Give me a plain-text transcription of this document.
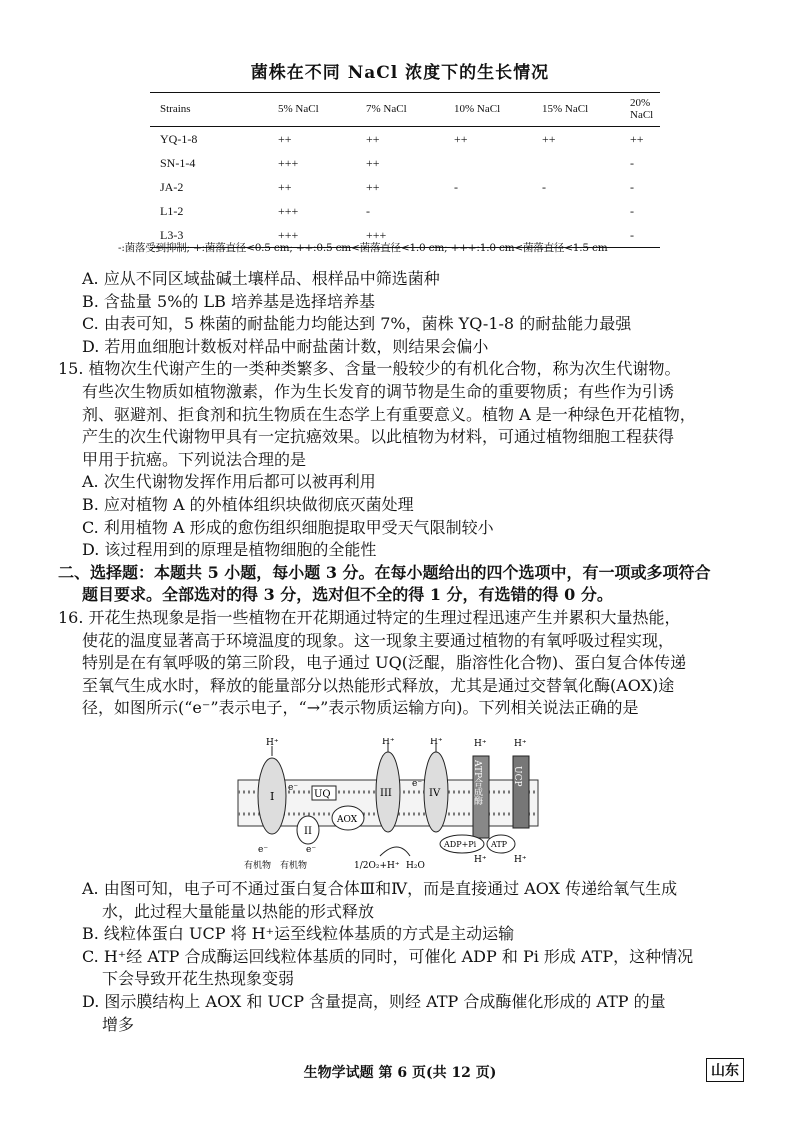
菌株在不同 NaCl 浓度下的生长情况
Strains	5% NaCl	7% NaCl	10% NaCl	15% NaCl	20% NaCl
YQ-1-8	++	++	++	++	++
SN-1-4	+++	++			-
JA-2	++	++	-	-	-
L1-2	+++	-			-
L3-3	+++	+++			-
-:菌落受到抑制; +:菌落直径<0.5 cm; ++:0.5 cm<菌落直径<1.0 cm; +++:1.0 cm<菌落直径<1.5 cm
A. 应从不同区域盐碱土壤样品、根样品中筛选菌种
B. 含盐量 5%的 LB 培养基是选择培养基
C. 由表可知，5 株菌的耐盐能力均能达到 7%，菌株 YQ-1-8 的耐盐能力最强
D. 若用血细胞计数板对样品中耐盐菌计数，则结果会偏小
15. 植物次生代谢产生的一类种类繁多、含量一般较少的有机化合物，称为次生代谢物。
有些次生物质如植物激素，作为生长发育的调节物是生命的重要物质；有些作为引诱
剂、驱避剂、拒食剂和抗生物质在生态学上有重要意义。植物 A 是一种绿色开花植物，
产生的次生代谢物甲具有一定抗癌效果。以此植物为材料，可通过植物细胞工程获得
甲用于抗癌。下列说法合理的是
A. 次生代谢物发挥作用后都可以被再利用
B. 应对植物 A 的外植体组织块做彻底灭菌处理
C. 利用植物 A 形成的愈伤组织细胞提取甲受天气限制较小
D. 该过程用到的原理是植物细胞的全能性
二、选择题：本题共 5 小题，每小题 3 分。在每小题给出的四个选项中，有一项或多项符合
题目要求。全部选对的得 3 分，选对但不全的得 1 分，有选错的得 0 分。
16. 开花生热现象是指一些植物在开花期通过特定的生理过程迅速产生并累积大量热能，
使花的温度显著高于环境温度的现象。这一现象主要通过植物的有氧呼吸过程实现，
特别是在有氧呼吸的第三阶段，电子通过 UQ(泛醌，脂溶性化合物)、蛋白复合体传递
至氧气生成水时，释放的能量部分以热能形式释放，尤其是通过交替氧化酶(AOX)途
径，如图所示(“e⁻”表示电子，“→”表示物质运输方向)。下列相关说法正确的是
I
II
UQ
AOX
III	IV	ATP合成酶	UCP
H⁺	H⁺	H⁺	H⁺	H⁺
H⁺	H⁺
e⁻
e⁻	e⁻
e⁻
ADP+Pi ATP
有机物 有机物	1/2O₂+H⁺ H₂O
A. 由图可知，电子可不通过蛋白复合体Ⅲ和Ⅳ，而是直接通过 AOX 传递给氧气生成
水，此过程大量能量以热能的形式释放
B. 线粒体蛋白 UCP 将 H⁺运至线粒体基质的方式是主动运输
C. H⁺经 ATP 合成酶运回线粒体基质的同时，可催化 ADP 和 Pi 形成 ATP，这种情况
下会导致开花生热现象变弱
D. 图示膜结构上 AOX 和 UCP 含量提高，则经 ATP 合成酶催化形成的 ATP 的量
增多
生物学试题 第 6 页(共 12 页)	山东
